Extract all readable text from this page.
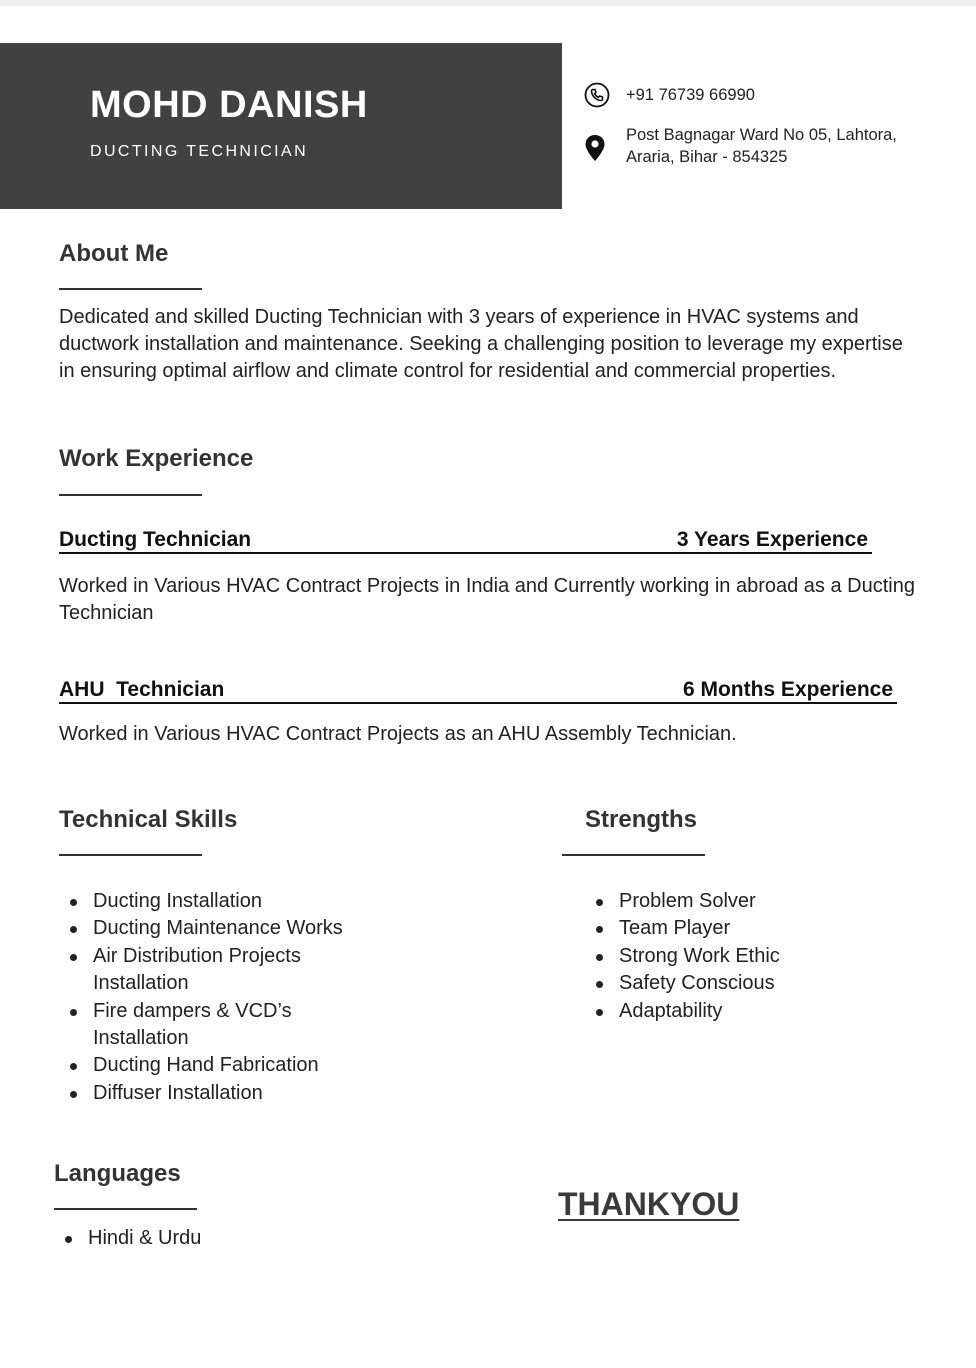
MOHD DANISH
DUCTING TECHNICIAN
+91 76739 66990
Post Bagnagar Ward No 05, Lahtora,
Araria, Bihar - 854325
About Me
Dedicated and skilled Ducting Technician with 3 years of experience in HVAC systems and ductwork installation and maintenance. Seeking a challenging position to leverage my expertise in ensuring optimal airflow and climate control for residential and commercial properties.
Work Experience
Ducting Technician	3 Years Experience
Worked in Various HVAC Contract Projects in India and Currently working in abroad as a Ducting Technician
AHU  Technician	6 Months Experience
Worked in Various HVAC Contract Projects as an AHU Assembly Technician.
Technical Skills
Ducting Installation
Ducting Maintenance Works
Air Distribution Projects Installation
Fire dampers & VCD’s Installation
Ducting Hand Fabrication
Diffuser Installation
Strengths
Problem Solver
Team Player
Strong Work Ethic
Safety Conscious
Adaptability
Languages
Hindi & Urdu
THANKYOU
